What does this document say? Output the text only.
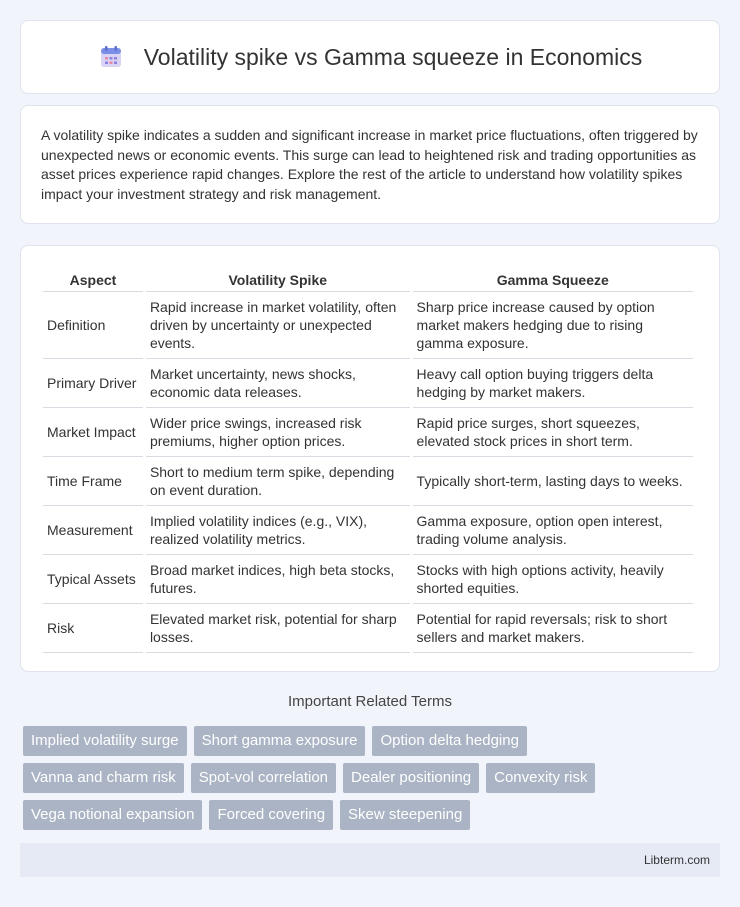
Volatility spike vs Gamma squeeze in Economics

A volatility spike indicates a sudden and significant increase in market price fluctuations, often triggered by unexpected news or economic events. This surge can lead to heightened risk and trading opportunities as asset prices experience rapid changes. Explore the rest of the article to understand how volatility spikes impact your investment strategy and risk management.

Aspect	Volatility Spike	Gamma Squeeze
Definition	Rapid increase in market volatility, often driven by uncertainty or unexpected events.	Sharp price increase caused by option market makers hedging due to rising gamma exposure.
Primary Driver	Market uncertainty, news shocks, economic data releases.	Heavy call option buying triggers delta hedging by market makers.
Market Impact	Wider price swings, increased risk premiums, higher option prices.	Rapid price surges, short squeezes, elevated stock prices in short term.
Time Frame	Short to medium term spike, depending on event duration.	Typically short-term, lasting days to weeks.
Measurement	Implied volatility indices (e.g., VIX), realized volatility metrics.	Gamma exposure, option open interest, trading volume analysis.
Typical Assets	Broad market indices, high beta stocks, futures.	Stocks with high options activity, heavily shorted equities.
Risk	Elevated market risk, potential for sharp losses.	Potential for rapid reversals; risk to short sellers and market makers.
Important Related Terms
Implied volatility surge	Short gamma exposure	Option delta hedging
Vanna and charm risk	Spot-vol correlation	Dealer positioning	Convexity risk
Vega notional expansion	Forced covering	Skew steepening
Libterm.com
